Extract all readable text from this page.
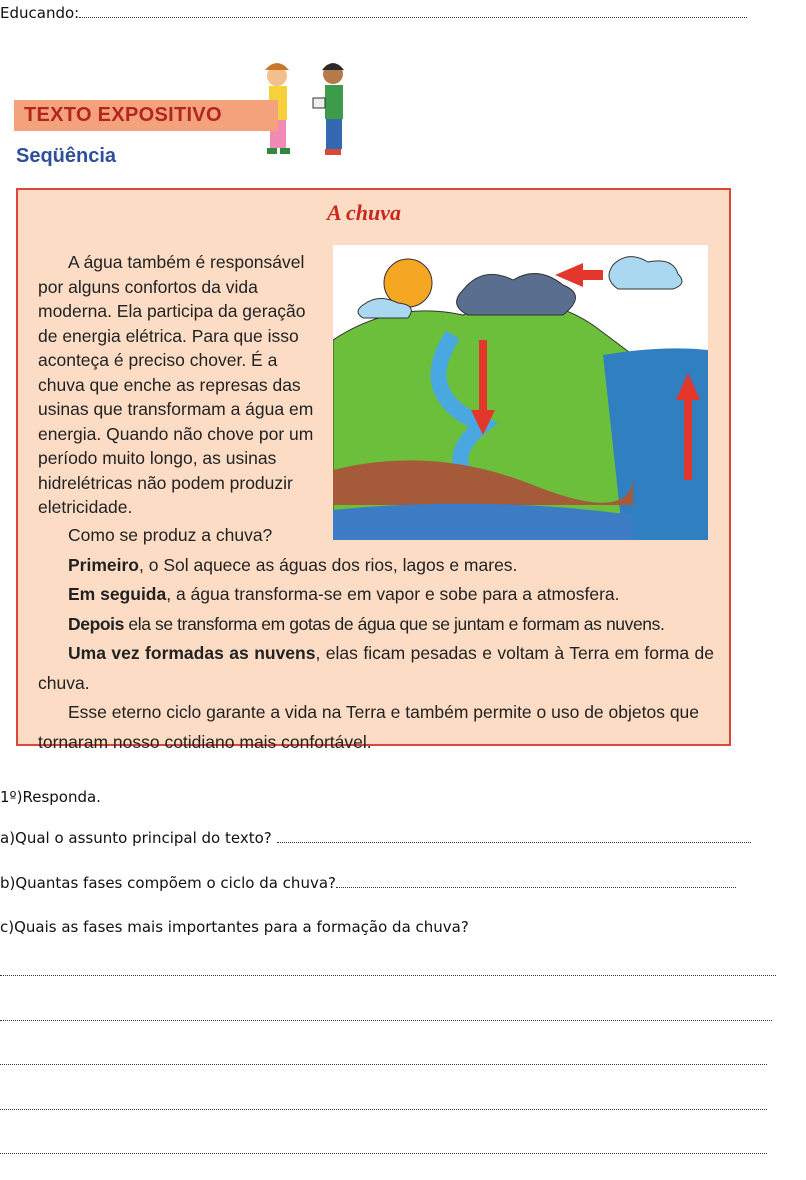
Educando:
TEXTO EXPOSITIVO
Seqüência
A chuva

A água também é responsável por alguns confortos da vida moderna. Ela participa da geração de energia elétrica. Para que isso aconteça é preciso chover. É a chuva que enche as represas das usinas que transformam a água em energia. Quando não chove por um período muito longo, as usinas hidrelétricas não podem produzir eletricidade.

Como se produz a chuva?

Primeiro, o Sol aquece as águas dos rios, lagos e mares.

Em seguida, a água transforma-se em vapor e sobe para a atmosfera.

Depois ela se transforma em gotas de água que se juntam e formam as nuvens.

Uma vez formadas as nuvens, elas ficam pesadas e voltam à Terra em forma de chuva.

Esse eterno ciclo garante a vida na Terra e também permite o uso de objetos que tornaram nosso cotidiano mais confortável.

1º)Responda.
a)Qual o assunto principal do texto?
b)Quantas fases compõem o ciclo da chuva?
c)Quais as fases mais importantes para a formação da chuva?
